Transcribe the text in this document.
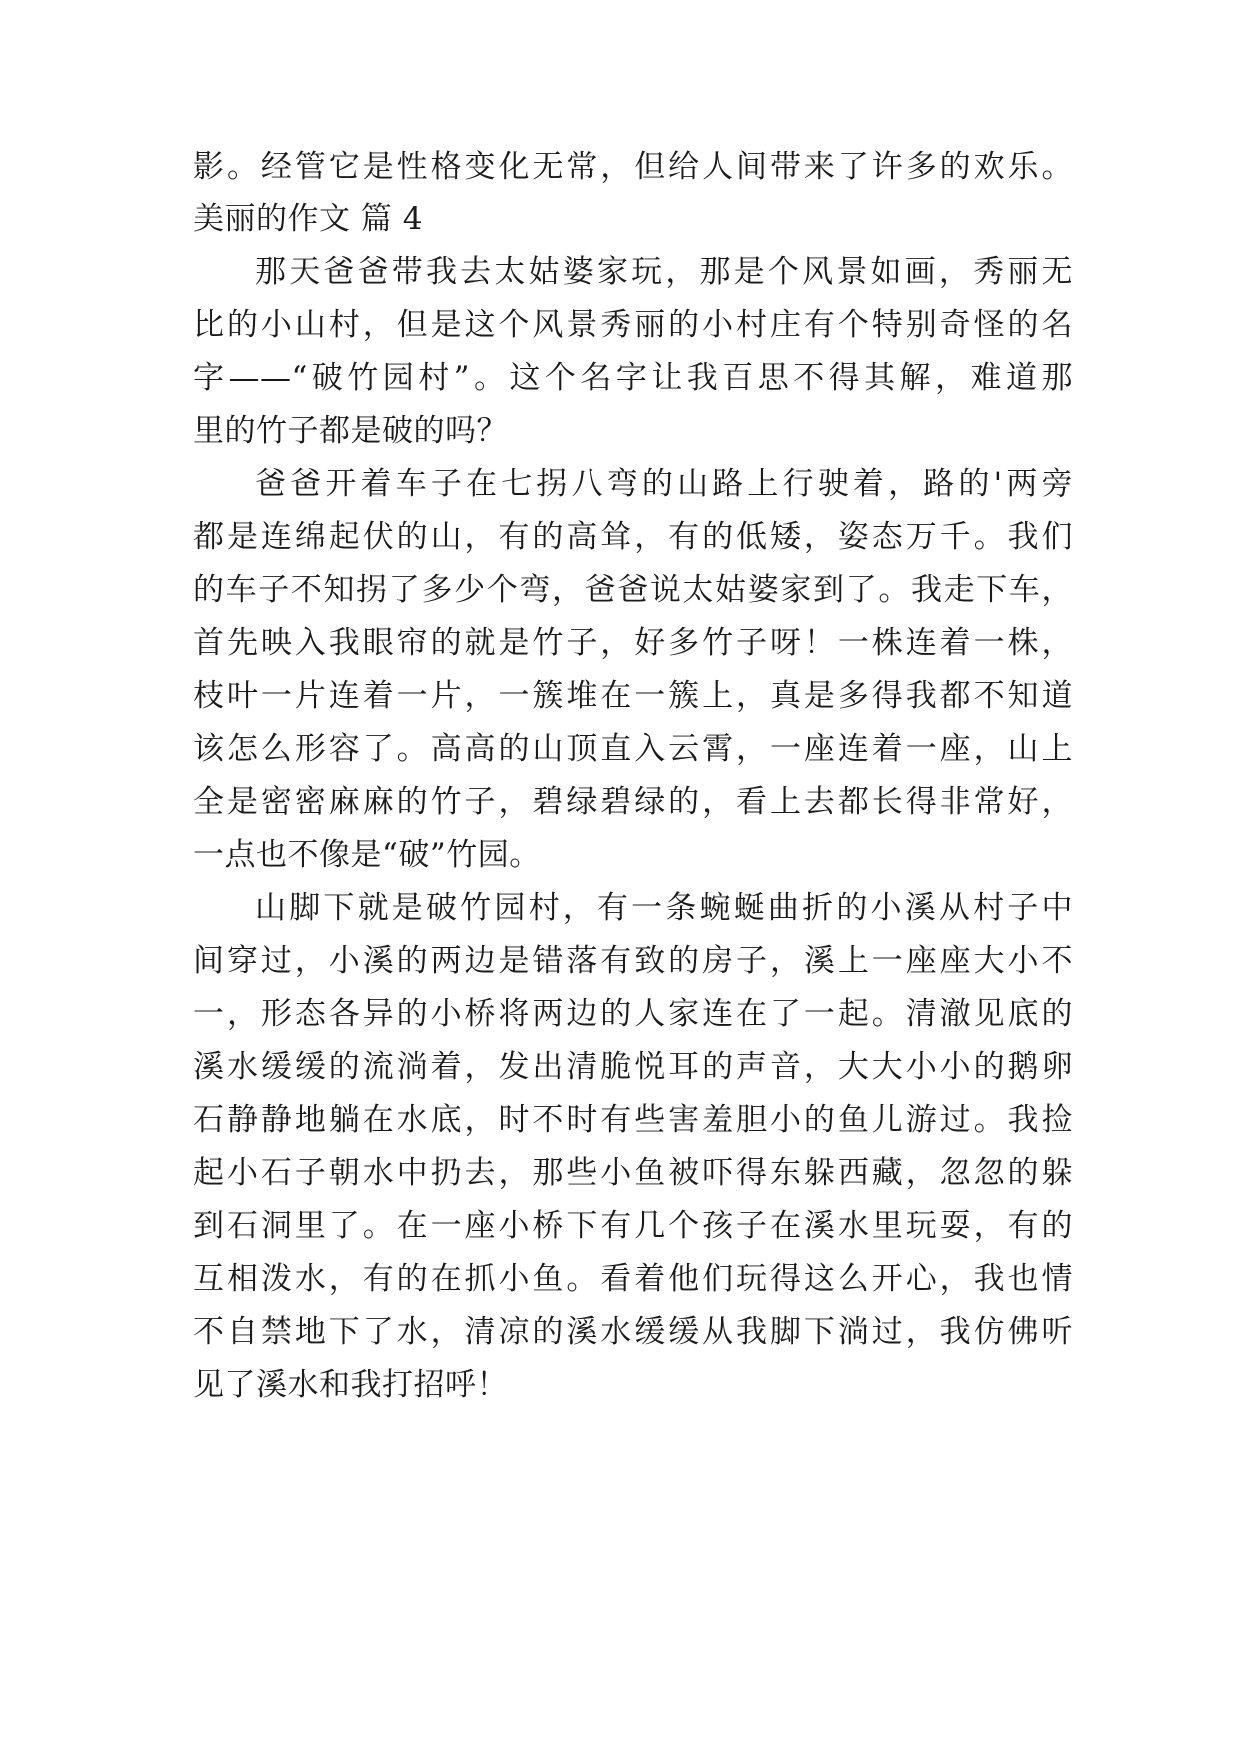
影。经管它是性格变化无常，但给人间带来了许多的欢乐。
美丽的作文 篇 4
那天爸爸带我去太姑婆家玩，那是个风景如画，秀丽无
比的小山村，但是这个风景秀丽的小村庄有个特别奇怪的名
字——“破竹园村”。这个名字让我百思不得其解，难道那
里的竹子都是破的吗？
爸爸开着车子在七拐八弯的山路上行驶着，路的'两旁
都是连绵起伏的山，有的高耸，有的低矮，姿态万千。我们
的车子不知拐了多少个弯，爸爸说太姑婆家到了。我走下车，
首先映入我眼帘的就是竹子，好多竹子呀！一株连着一株，
枝叶一片连着一片，一簇堆在一簇上，真是多得我都不知道
该怎么形容了。高高的山顶直入云霄，一座连着一座，山上
全是密密麻麻的竹子，碧绿碧绿的，看上去都长得非常好，
一点也不像是“破”竹园。
山脚下就是破竹园村，有一条蜿蜒曲折的小溪从村子中
间穿过，小溪的两边是错落有致的房子，溪上一座座大小不
一，形态各异的小桥将两边的人家连在了一起。清澈见底的
溪水缓缓的流淌着，发出清脆悦耳的声音，大大小小的鹅卵
石静静地躺在水底，时不时有些害羞胆小的鱼儿游过。我捡
起小石子朝水中扔去，那些小鱼被吓得东躲西藏，忽忽的躲
到石洞里了。在一座小桥下有几个孩子在溪水里玩耍，有的
互相泼水，有的在抓小鱼。看着他们玩得这么开心，我也情
不自禁地下了水，清凉的溪水缓缓从我脚下淌过，我仿佛听
见了溪水和我打招呼！
